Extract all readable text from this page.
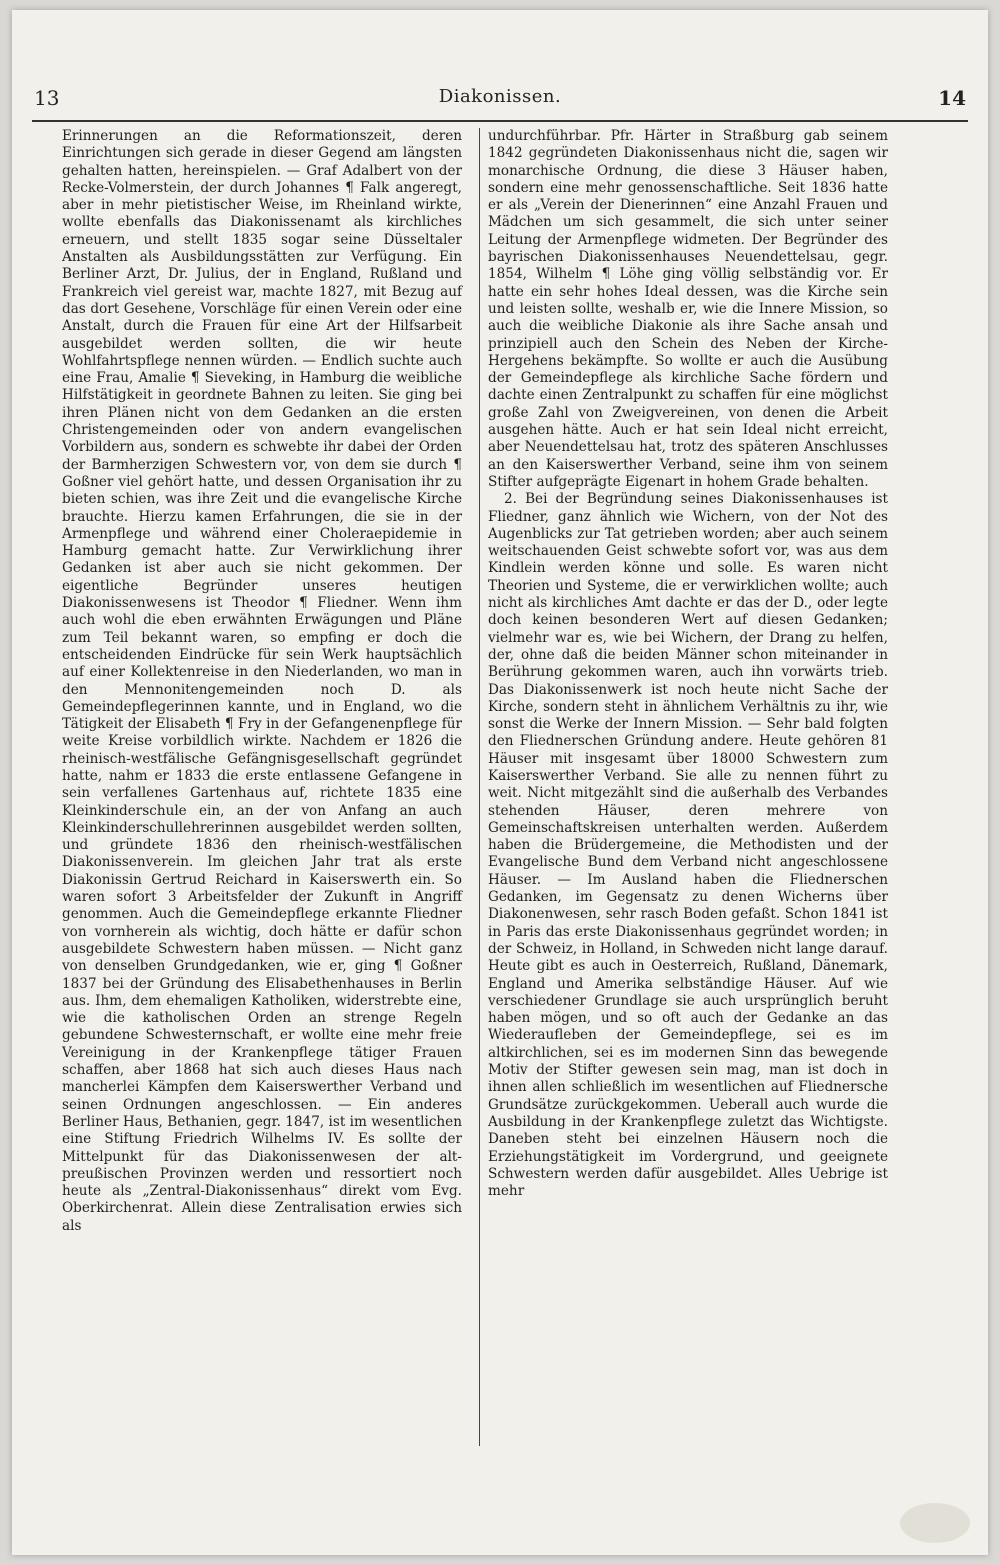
13	Diakonissen.	14

Erinnerungen an die Reformationszeit, deren Einrichtungen sich gerade in dieser Gegend am längsten gehalten hatten, hereinspielen. — Graf Adalbert von der Recke-Volmerstein, der durch Johannes ¶ Falk angeregt, aber in mehr pietistischer Weise, im Rheinland wirkte, wollte ebenfalls das Diakonissenamt als kirchliches erneuern, und stellt 1835 sogar seine Düsseltaler Anstalten als Ausbildungsstätten zur Verfügung. Ein Berliner Arzt, Dr. Julius, der in England, Rußland und Frankreich viel gereist war, machte 1827, mit Bezug auf das dort Gesehene, Vorschläge für einen Verein oder eine Anstalt, durch die Frauen für eine Art der Hilfsarbeit ausgebildet werden sollten, die wir heute Wohlfahrtspflege nennen würden. — Endlich suchte auch eine Frau, Amalie ¶ Sieveking, in Hamburg die weibliche Hilfstätigkeit in geordnete Bahnen zu leiten. Sie ging bei ihren Plänen nicht von dem Gedanken an die ersten Christengemeinden oder von andern evangelischen Vorbildern aus, sondern es schwebte ihr dabei der Orden der Barmherzigen Schwestern vor, von dem sie durch ¶ Goßner viel gehört hatte, und dessen Organisation ihr zu bieten schien, was ihre Zeit und die evangelische Kirche brauchte. Hierzu kamen Erfahrungen, die sie in der Armenpflege und während einer Choleraepidemie in Hamburg gemacht hatte. Zur Verwirklichung ihrer Gedanken ist aber auch sie nicht gekommen. Der eigentliche Begründer unseres heutigen Diakonissenwesens ist Theodor ¶ Fliedner. Wenn ihm auch wohl die eben erwähnten Erwägungen und Pläne zum Teil bekannt waren, so empfing er doch die entscheidenden Eindrücke für sein Werk hauptsächlich auf einer Kollektenreise in den Niederlanden, wo man in den Mennonitengemeinden noch D. als Gemeindepflegerinnen kannte, und in England, wo die Tätigkeit der Elisabeth ¶ Fry in der Gefangenenpflege für weite Kreise vorbildlich wirkte. Nachdem er 1826 die rheinisch-westfälische Gefängnisgesellschaft gegründet hatte, nahm er 1833 die erste entlassene Gefangene in sein verfallenes Gartenhaus auf, richtete 1835 eine Kleinkinderschule ein, an der von Anfang an auch Kleinkinderschullehrerinnen ausgebildet werden sollten, und gründete 1836 den rheinisch-westfälischen Diakonissenverein. Im gleichen Jahr trat als erste Diakonissin Gertrud Reichard in Kaiserswerth ein. So waren sofort 3 Arbeitsfelder der Zukunft in Angriff genommen. Auch die Gemeindepflege erkannte Fliedner von vornherein als wichtig, doch hätte er dafür schon ausgebildete Schwestern haben müssen. — Nicht ganz von denselben Grundgedanken, wie er, ging ¶ Goßner 1837 bei der Gründung des Elisabethenhauses in Berlin aus. Ihm, dem ehemaligen Katholiken, widerstrebte eine, wie die katholischen Orden an strenge Regeln gebundene Schwesternschaft, er wollte eine mehr freie Vereinigung in der Krankenpflege tätiger Frauen schaffen, aber 1868 hat sich auch dieses Haus nach mancherlei Kämpfen dem Kaiserswerther Verband und seinen Ordnungen angeschlossen. — Ein anderes Berliner Haus, Bethanien, gegr. 1847, ist im wesentlichen eine Stiftung Friedrich Wilhelms IV. Es sollte der Mittelpunkt für das Diakonissenwesen der alt-preußischen Provinzen werden und ressortiert noch heute als „Zentral-Diakonissenhaus“ direkt vom Evg. Oberkirchenrat. Allein diese Zentralisation erwies sich als

undurchführbar. Pfr. Härter in Straßburg gab seinem 1842 gegründeten Diakonissenhaus nicht die, sagen wir monarchische Ordnung, die diese 3 Häuser haben, sondern eine mehr genossenschaftliche. Seit 1836 hatte er als „Verein der Dienerinnen“ eine Anzahl Frauen und Mädchen um sich gesammelt, die sich unter seiner Leitung der Armenpflege widmeten. Der Begründer des bayrischen Diakonissenhauses Neuendettelsau, gegr. 1854, Wilhelm ¶ Löhe ging völlig selbständig vor. Er hatte ein sehr hohes Ideal dessen, was die Kirche sein und leisten sollte, weshalb er, wie die Innere Mission, so auch die weibliche Diakonie als ihre Sache ansah und prinzipiell auch den Schein des Neben der Kirche-Hergehens bekämpfte. So wollte er auch die Ausübung der Gemeindepflege als kirchliche Sache fördern und dachte einen Zentralpunkt zu schaffen für eine möglichst große Zahl von Zweigvereinen, von denen die Arbeit ausgehen hätte. Auch er hat sein Ideal nicht erreicht, aber Neuendettelsau hat, trotz des späteren Anschlusses an den Kaiserswerther Verband, seine ihm von seinem Stifter aufgeprägte Eigenart in hohem Grade behalten.

2. Bei der Begründung seines Diakonissenhauses ist Fliedner, ganz ähnlich wie Wichern, von der Not des Augenblicks zur Tat getrieben worden; aber auch seinem weitschauenden Geist schwebte sofort vor, was aus dem Kindlein werden könne und solle. Es waren nicht Theorien und Systeme, die er verwirklichen wollte; auch nicht als kirchliches Amt dachte er das der D., oder legte doch keinen besonderen Wert auf diesen Gedanken; vielmehr war es, wie bei Wichern, der Drang zu helfen, der, ohne daß die beiden Männer schon miteinander in Berührung gekommen waren, auch ihn vorwärts trieb. Das Diakonissenwerk ist noch heute nicht Sache der Kirche, sondern steht in ähnlichem Verhältnis zu ihr, wie sonst die Werke der Innern Mission. — Sehr bald folgten den Fliednerschen Gründung andere. Heute gehören 81 Häuser mit insgesamt über 18000 Schwestern zum Kaiserswerther Verband. Sie alle zu nennen führt zu weit. Nicht mitgezählt sind die außerhalb des Verbandes stehenden Häuser, deren mehrere von Gemeinschaftskreisen unterhalten werden. Außerdem haben die Brüdergemeine, die Methodisten und der Evangelische Bund dem Verband nicht angeschlossene Häuser. — Im Ausland haben die Fliednerschen Gedanken, im Gegensatz zu denen Wicherns über Diakonenwesen, sehr rasch Boden gefaßt. Schon 1841 ist in Paris das erste Diakonissenhaus gegründet worden; in der Schweiz, in Holland, in Schweden nicht lange darauf. Heute gibt es auch in Oesterreich, Rußland, Dänemark, England und Amerika selbständige Häuser. Auf wie verschiedener Grundlage sie auch ursprünglich beruht haben mögen, und so oft auch der Gedanke an das Wiederaufleben der Gemeindepflege, sei es im altkirchlichen, sei es im modernen Sinn das bewegende Motiv der Stifter gewesen sein mag, man ist doch in ihnen allen schließlich im wesentlichen auf Fliednersche Grundsätze zurückgekommen. Ueberall auch wurde die Ausbildung in der Krankenpflege zuletzt das Wichtigste. Daneben steht bei einzelnen Häusern noch die Erziehungstätigkeit im Vordergrund, und geeignete Schwestern werden dafür ausgebildet. Alles Uebrige ist mehr
